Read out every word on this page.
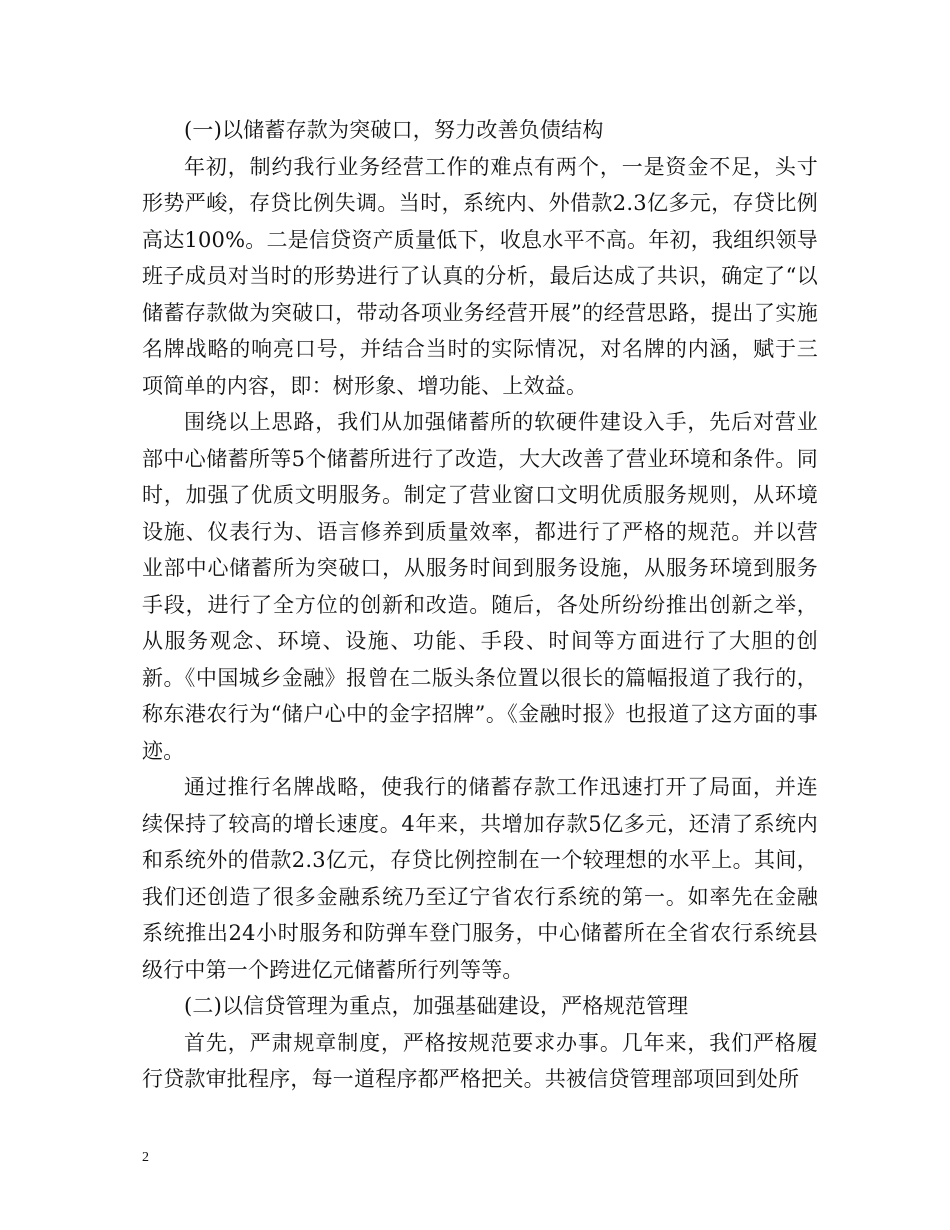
(一)以储蓄存款为突破口，努力改善负债结构

年初，制约我行业务经营工作的难点有两个，一是资金不足，头寸形势严峻，存贷比例失调。当时，系统内、外借款2.3亿多元，存贷比例高达100%。二是信贷资产质量低下，收息水平不高。年初，我组织领导班子成员对当时的形势进行了认真的分析，最后达成了共识，确定了“以储蓄存款做为突破口，带动各项业务经营开展”的经营思路，提出了实施名牌战略的响亮口号，并结合当时的实际情况，对名牌的内涵，赋于三项简单的内容，即：树形象、增功能、上效益。

围绕以上思路，我们从加强储蓄所的软硬件建设入手，先后对营业部中心储蓄所等5个储蓄所进行了改造，大大改善了营业环境和条件。同时，加强了优质文明服务。制定了营业窗口文明优质服务规则，从环境设施、仪表行为、语言修养到质量效率，都进行了严格的规范。并以营业部中心储蓄所为突破口，从服务时间到服务设施，从服务环境到服务手段，进行了全方位的创新和改造。随后，各处所纷纷推出创新之举，从服务观念、环境、设施、功能、手段、时间等方面进行了大胆的创新。《中国城乡金融》报曾在二版头条位置以很长的篇幅报道了我行的，称东港农行为“储户心中的金字招牌”。《金融时报》也报道了这方面的事迹。

通过推行名牌战略，使我行的储蓄存款工作迅速打开了局面，并连续保持了较高的增长速度。4年来，共增加存款5亿多元，还清了系统内和系统外的借款2.3亿元，存贷比例控制在一个较理想的水平上。其间，我们还创造了很多金融系统乃至辽宁省农行系统的第一。如率先在金融系统推出24小时服务和防弹车登门服务，中心储蓄所在全省农行系统县级行中第一个跨进亿元储蓄所行列等等。

(二)以信贷管理为重点，加强基础建设，严格规范管理

首先，严肃规章制度，严格按规范要求办事。几年来，我们严格履行贷款审批程序，每一道程序都严格把关。共被信贷管理部项回到处所

2
